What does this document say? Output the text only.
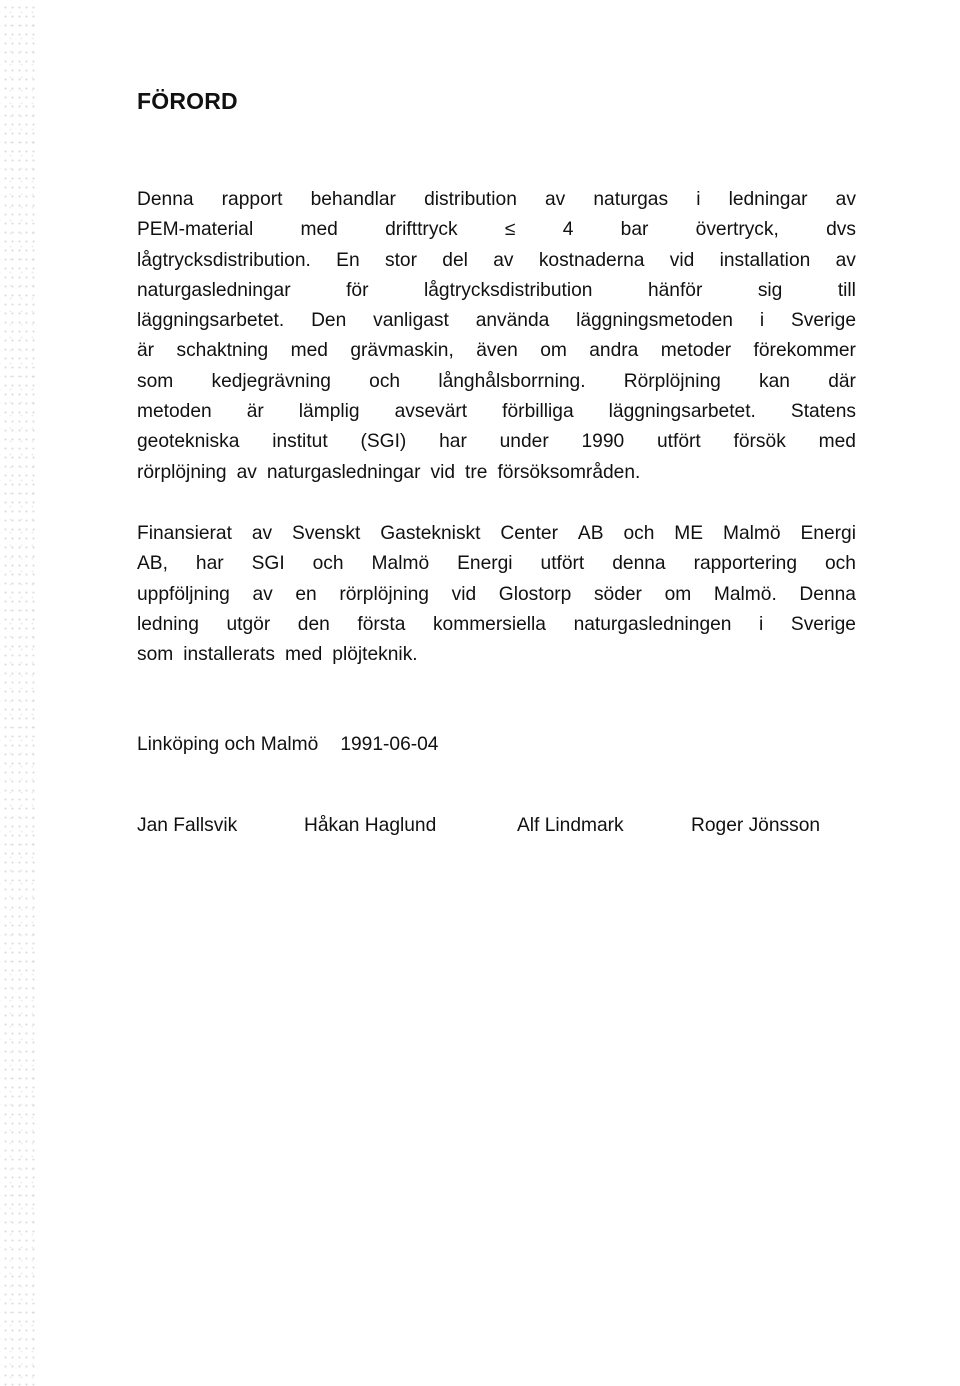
FÖRORD
Denna rapport behandlar distribution av naturgas i ledningar av
PEM-material med drifttryck ≤ 4 bar övertryck, dvs
lågtrycksdistribution. En stor del av kostnaderna vid installation av
naturgasledningar	för	lågtrycksdistribution	hänför	sig	till
läggningsarbetet. Den vanligast använda läggningsmetoden i Sverige
är schaktning med grävmaskin, även om andra metoder förekommer
som kedjegrävning och långhålsborrning. Rörplöjning kan där
metoden är lämplig avsevärt förbilliga läggningsarbetet. Statens
geotekniska institut (SGI) har under 1990 utfört försök med
rörplöjning av naturgasledningar vid tre försöksområden.
Finansierat av Svenskt Gastekniskt Center AB och ME Malmö Energi
AB, har SGI och Malmö Energi utfört denna rapportering och
uppföljning av en rörplöjning vid Glostorp söder om Malmö. Denna
ledning utgör den första kommersiella naturgasledningen i Sverige
som installerats med plöjteknik.
Linköping och Malmö 1991-06-04
Jan Fallsvik	Håkan Haglund	Alf Lindmark	Roger Jönsson
